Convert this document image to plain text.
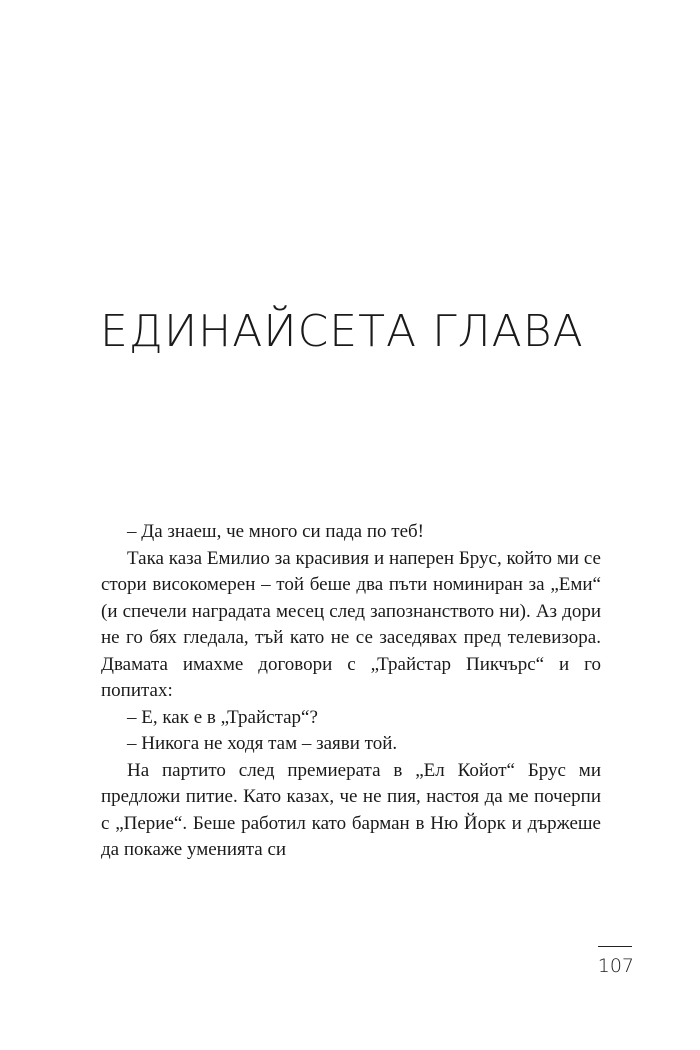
ЕДИНАЙСЕТА ГЛАВА

– Да знаеш, че много си пада по теб!

Така каза Емилио за красивия и наперен Брус, който ми се стори високомерен – той беше два пъти номиниран за „Еми“ (и спечели наградата месец след запознанството ни). Аз дори не го бях гледала, тъй като не се заседявах пред телевизора. Двамата имахме договори с „Трайстар Пикчърс“ и го попитах:

– Е, как е в „Трайстар“?

– Никога не ходя там – заяви той.

На партито след премиерата в „Ел Койот“ Брус ми предложи питие. Като казах, че не пия, настоя да ме почерпи с „Перие“. Беше работил като барман в Ню Йорк и държеше да покаже уменията си

107
